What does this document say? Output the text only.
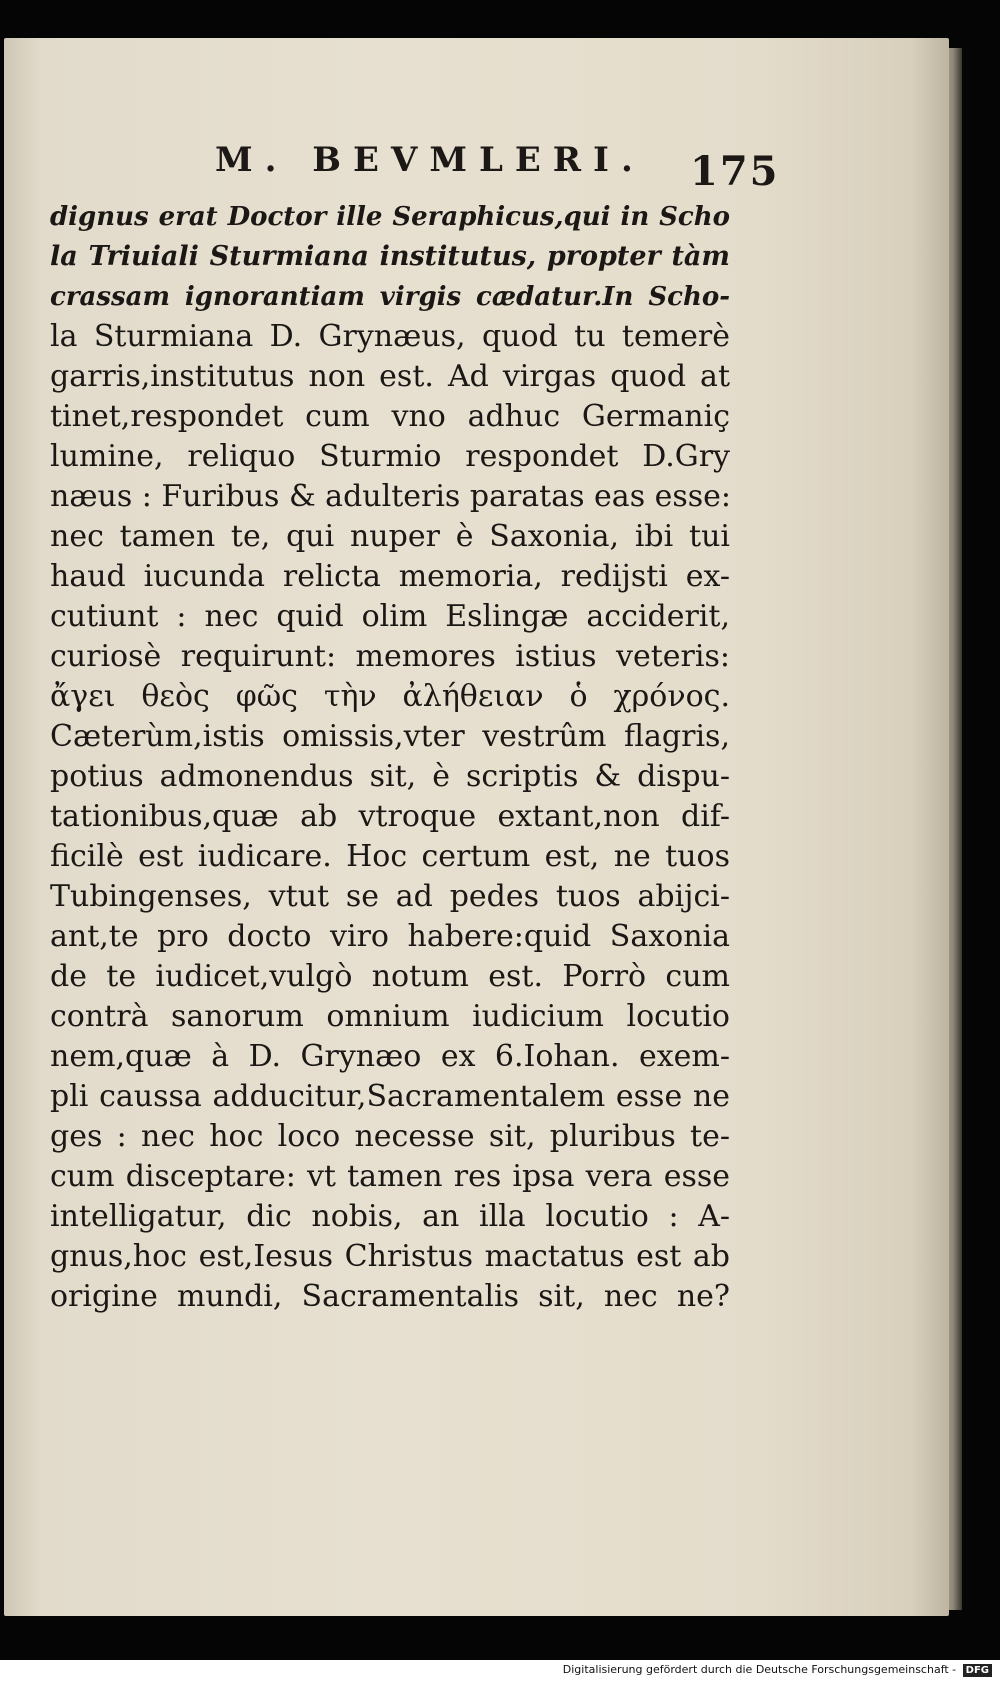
M. BEVMLERI.	175
dignus erat Doctor ille Seraphicus,qui in Scho
la Triuiali Sturmiana institutus, propter tàm
crassam ignorantiam virgis cædatur.In Scho-
la Sturmiana D. Grynæus, quod tu temerè
garris,institutus non est. Ad virgas quod at
tinet,respondet cum vno adhuc Germaniç
lumine, reliquo Sturmio respondet D.Gry
næus : Furibus & adulteris paratas eas esse:
nec tamen te, qui nuper è Saxonia, ibi tui
haud iucunda relicta memoria, redijsti ex-
cutiunt : nec quid olim Eslingæ acciderit,
curiosè requirunt: memores istius veteris:
ἄγει θεὸς φῶς τὴν ἀλήθειαν ὁ χρόνος.
Cæterùm,istis omissis,vter vestrûm flagris,
potius admonendus sit, è scriptis & dispu-
tationibus,quæ ab vtroque extant,non dif-
ficilè est iudicare. Hoc certum est, ne tuos
Tubingenses, vtut se ad pedes tuos abijci-
ant,te pro docto viro habere:quid Saxonia
de te iudicet,vulgò notum est. Porrò cum
contrà sanorum omnium iudicium locutio
nem,quæ à D. Grynæo ex 6.Iohan. exem-
pli caussa adducitur,Sacramentalem esse ne
ges : nec hoc loco necesse sit, pluribus te-
cum disceptare: vt tamen res ipsa vera esse
intelligatur, dic nobis, an illa locutio : A-
gnus,hoc est,Iesus Christus mactatus est ab
origine mundi, Sacramentalis sit, nec ne?
Digitalisierung gefördert durch die Deutsche Forschungsgemeinschaft - DFG
